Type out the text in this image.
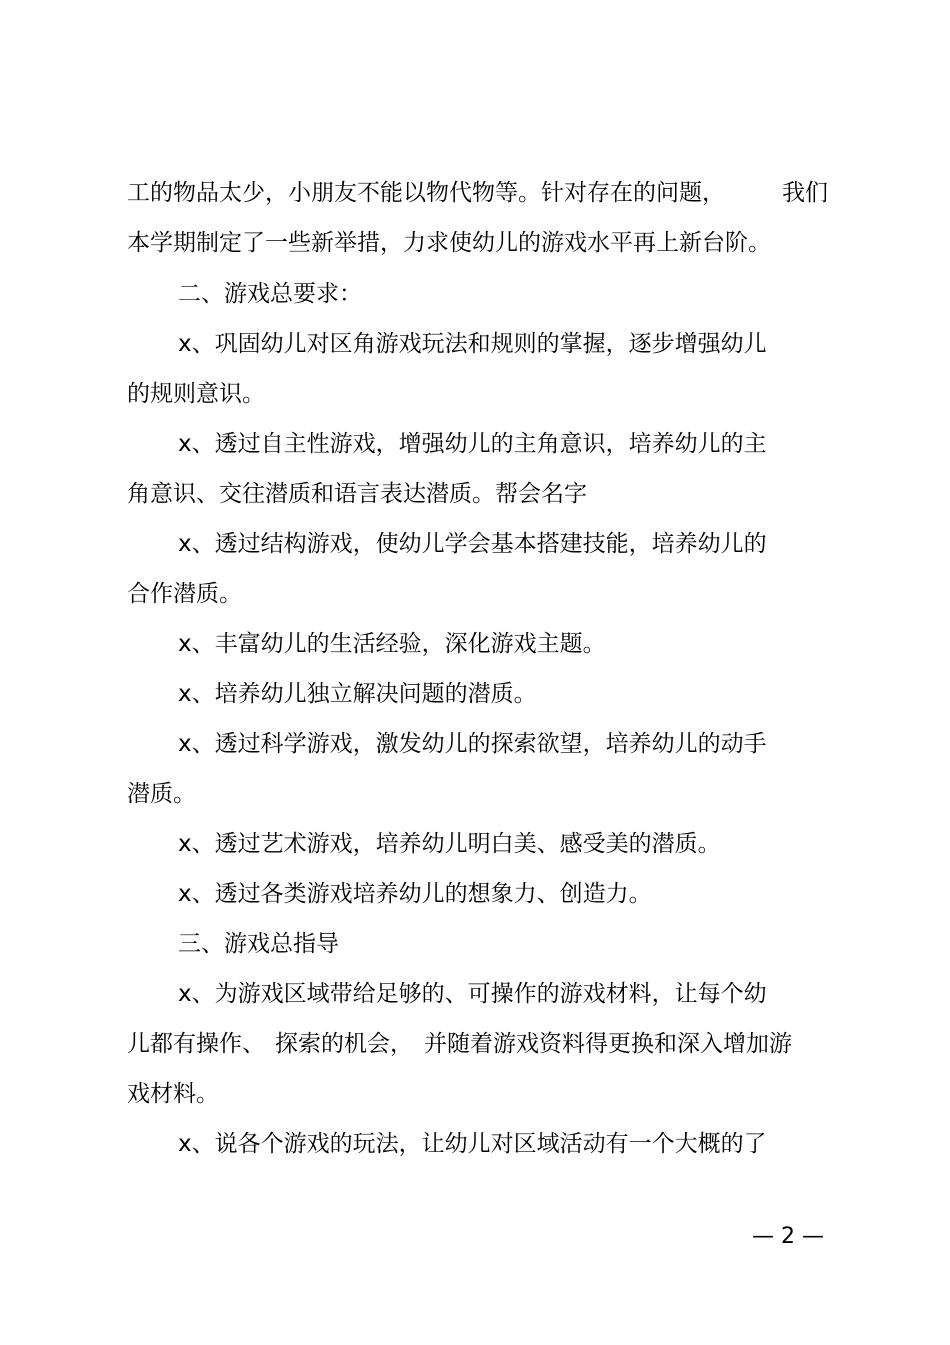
工的物品太少，小朋友不能以物代物等。针对存在的问题， 我们
本学期制定了一些新举措，力求使幼儿的游戏水平再上新台阶。
二、游戏总要求：
x、巩固幼儿对区角游戏玩法和规则的掌握，逐步增强幼儿
的规则意识。
x、透过自主性游戏，增强幼儿的主角意识，培养幼儿的主
角意识、交往潜质和语言表达潜质。帮会名字
x、透过结构游戏，使幼儿学会基本搭建技能，培养幼儿的
合作潜质。
x、丰富幼儿的生活经验，深化游戏主题。
x、培养幼儿独立解决问题的潜质。
x、透过科学游戏，激发幼儿的探索欲望，培养幼儿的动手
潜质。
x、透过艺术游戏，培养幼儿明白美、感受美的潜质。
x、透过各类游戏培养幼儿的想象力、创造力。
三、游戏总指导
x、为游戏区域带给足够的、可操作的游戏材料，让每个幼
儿都有操作、 探索的机会， 并随着游戏资料得更换和深入增加游
戏材料。
x、说各个游戏的玩法，让幼儿对区域活动有一个大概的了
— 2 —
